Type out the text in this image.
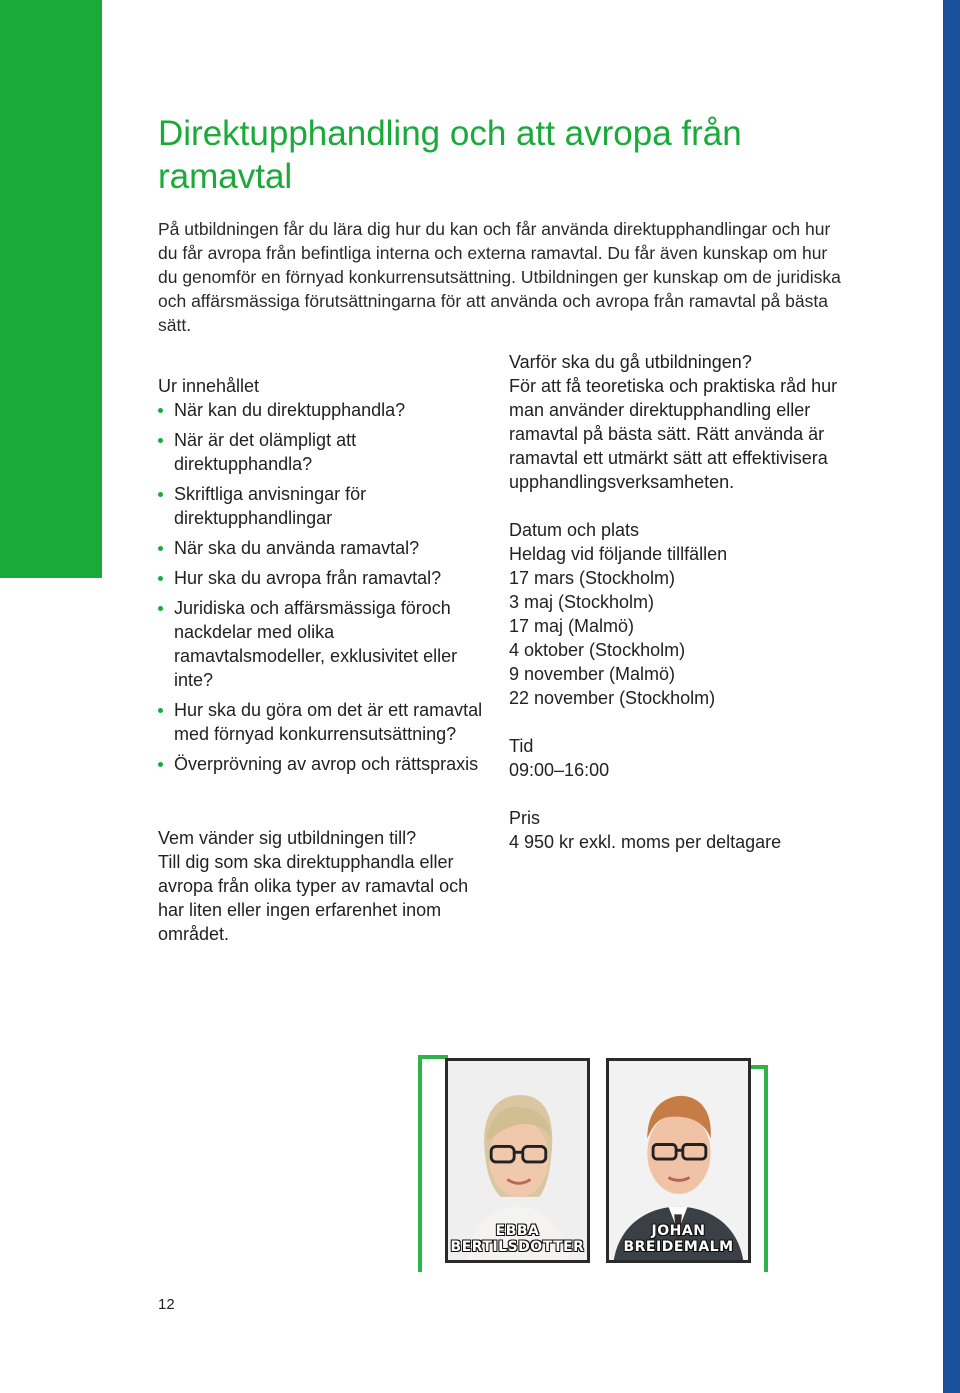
Direktupphandling och att avropa från ramavtal

På utbildningen får du lära dig hur du kan och får använda direktupphandlingar och hur du får avropa från befintliga interna och externa ramavtal. Du får även kunskap om hur du genomför en förnyad konkurrensutsättning. Utbildningen ger kunskap om de juridiska och affärsmässiga förutsättningarna för att använda och avropa från ramavtal på bästa sätt.

Ur innehållet
När kan du direktupphandla?
När är det olämpligt att direktupphandla?
Skriftliga anvisningar för direktupphandlingar
När ska du använda ramavtal?
Hur ska du avropa från ramavtal?
Juridiska och affärsmässiga föroch nackdelar med olika ramavtalsmodeller, exklusivitet eller inte?
Hur ska du göra om det är ett ramavtal med förnyad konkurrensutsättning?
Överprövning av avrop och rättspraxis
Vem vänder sig utbildningen till?
Till dig som ska direktupphandla eller avropa från olika typer av ramavtal och har liten eller ingen erfarenhet inom området.
Varför ska du gå utbildningen?
För att få teoretiska och praktiska råd hur man använder direktupphandling eller ramavtal på bästa sätt. Rätt använda är ramavtal ett utmärkt sätt att effektivisera upphandlingsverksamheten.
Datum och plats
Heldag vid följande tillfällen
17 mars (Stockholm)
3 maj (Stockholm)
17 maj (Malmö)
4 oktober (Stockholm)
9 november (Malmö)
22 november (Stockholm)
Tid
09:00–16:00
Pris
4 950 kr exkl. moms per deltagare
EBBA
BERTILSDOTTER
JOHAN
BREIDEMALM
12
